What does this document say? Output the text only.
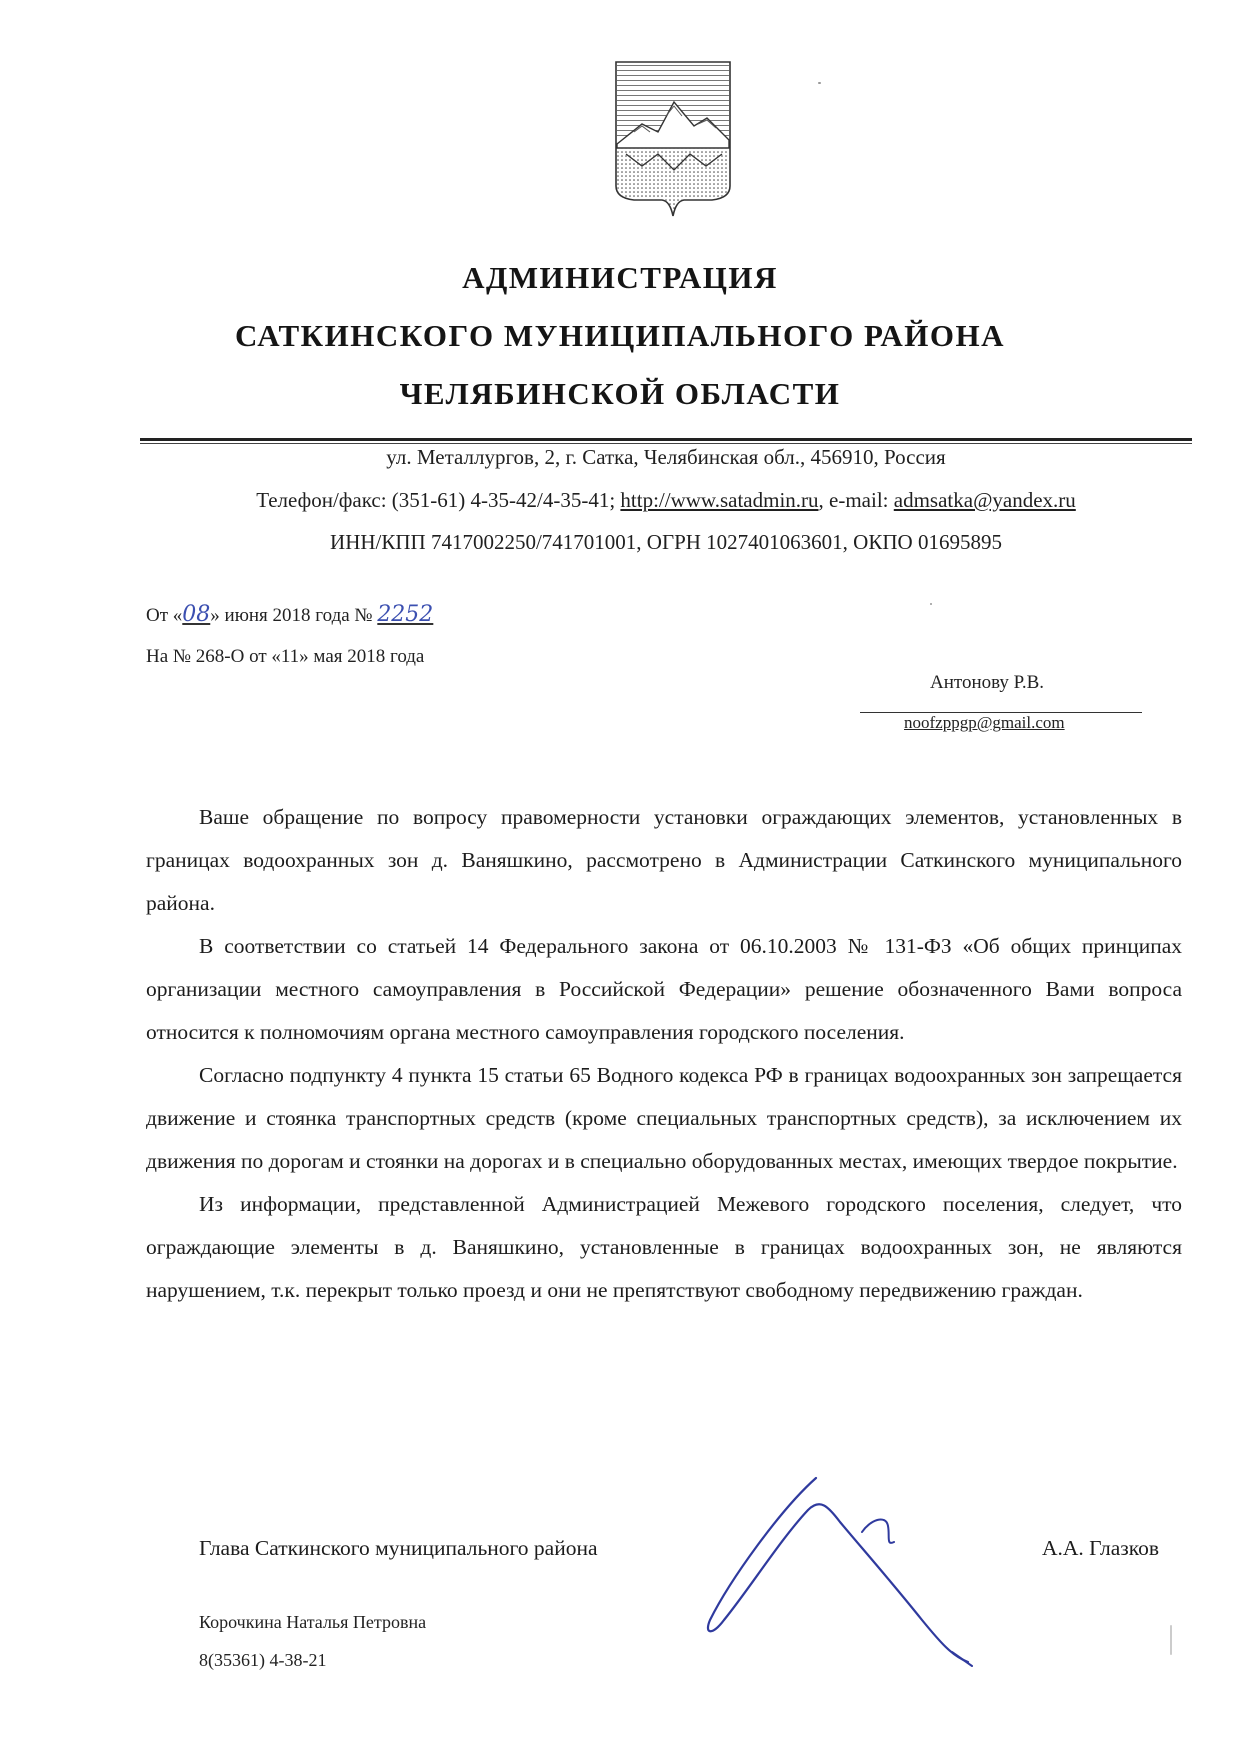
АДМИНИСТРАЦИЯ
САТКИНСКОГО МУНИЦИПАЛЬНОГО РАЙОНА
ЧЕЛЯБИНСКОЙ ОБЛАСТИ
ул. Металлургов, 2, г. Сатка, Челябинская обл., 456910, Россия
Телефон/факс: (351-61) 4-35-42/4-35-41; http://www.satadmin.ru, e-mail: admsatka@yandex.ru
ИНН/КПП 7417002250/741701001, ОГРН 1027401063601, ОКПО 01695895
От «08» июня 2018 года № 2252
На № 268-О от «11» мая 2018 года
Антонову Р.В.
noofzppgp@gmail.com

Ваше обращение по вопросу правомерности установки ограждающих элементов, установленных в границах водоохранных зон д. Ваняшкино, рассмотрено в Администрации Саткинского муниципального района.

В соответствии со статьей 14 Федерального закона от 06.10.2003 № 131-ФЗ «Об общих принципах организации местного самоуправления в Российской Федерации» решение обозначенного Вами вопроса относится к полномочиям органа местного самоуправления городского поселения.

Согласно подпункту 4 пункта 15 статьи 65 Водного кодекса РФ в границах водоохранных зон запрещается движение и стоянка транспортных средств (кроме специальных транспортных средств), за исключением их движения по дорогам и стоянки на дорогах и в специально оборудованных местах, имеющих твердое покрытие.

Из информации, представленной Администрацией Межевого городского поселения, следует, что ограждающие элементы в д. Ваняшкино, установленные в границах водоохранных зон, не являются нарушением, т.к. перекрыт только проезд и они не препятствуют свободному передвижению граждан.

Глава Саткинского муниципального района	А.А. Глазков
Корочкина Наталья Петровна
8(35361) 4-38-21
